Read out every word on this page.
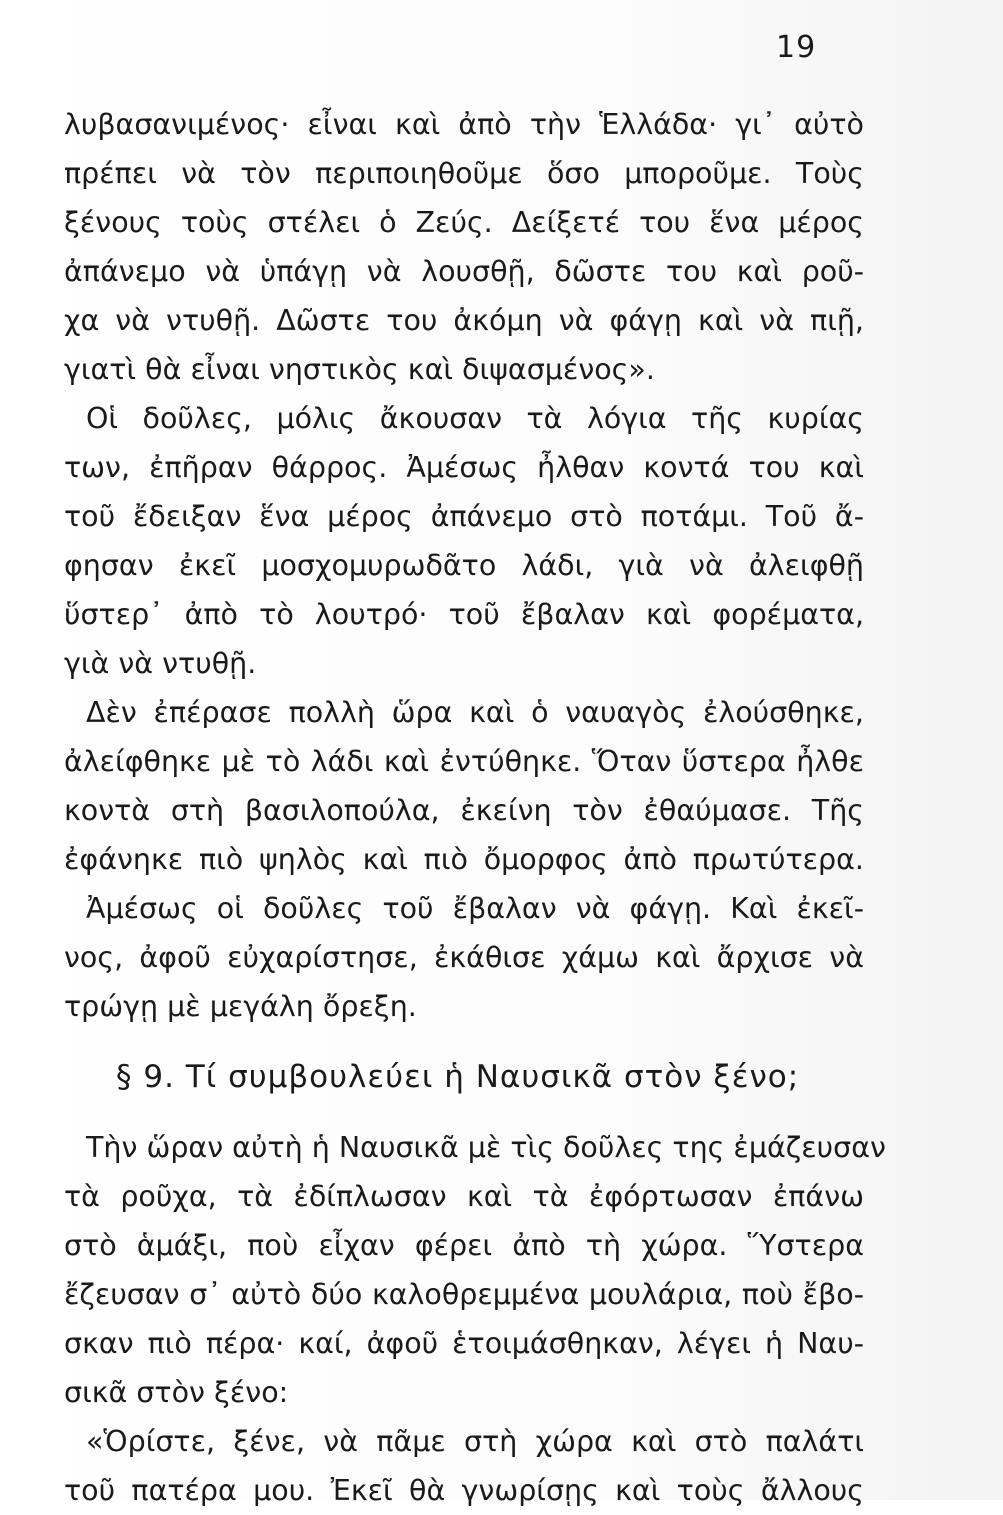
19
λυβασανιμένος· εἶναι καὶ ἀπὸ τὴν Ἑλλάδα· γι᾽ αὐτὸ
πρέπει νὰ τὸν περιποιηθοῦμε ὅσο μποροῦμε. Τοὺς
ξένους τοὺς στέλει ὁ Ζεύς. Δείξετέ του ἕνα μέρος
ἀπάνεμο νὰ ὑπάγῃ νὰ λουσθῇ, δῶστε του καὶ ροῦ-
χα νὰ ντυθῇ. Δῶστε του ἀκόμη νὰ φάγῃ καὶ νὰ πιῇ,
γιατὶ θὰ εἶναι νηστικὸς καὶ διψασμένος».
Οἱ δοῦλες, μόλις ἄκουσαν τὰ λόγια τῆς κυρίας
των, ἐπῆραν θάρρος. Ἀμέσως ἦλθαν κοντά του καὶ
τοῦ ἔδειξαν ἕνα μέρος ἀπάνεμο στὸ ποτάμι. Τοῦ ἄ-
φησαν ἐκεῖ μοσχομυρωδᾶτο λάδι, γιὰ νὰ ἀλειφθῇ
ὕστερ᾽ ἀπὸ τὸ λουτρό· τοῦ ἔβαλαν καὶ φορέματα,
γιὰ νὰ ντυθῇ.
Δὲν ἐπέρασε πολλὴ ὥρα καὶ ὁ ναυαγὸς ἐλούσθηκε,
ἀλείφθηκε μὲ τὸ λάδι καὶ ἐντύθηκε. Ὅταν ὕστερα ἦλθε
κοντὰ στὴ βασιλοπούλα, ἐκείνη τὸν ἐθαύμασε. Τῆς
ἐφάνηκε πιὸ ψηλὸς καὶ πιὸ ὄμορφος ἀπὸ πρωτύτερα.
Ἀμέσως οἱ δοῦλες τοῦ ἔβαλαν νὰ φάγῃ. Καὶ ἐκεῖ-
νος, ἀφοῦ εὐχαρίστησε, ἐκάθισε χάμω καὶ ἄρχισε νὰ
τρώγῃ μὲ μεγάλη ὄρεξη.
§ 9. Τί συμβουλεύει ἡ Ναυσικᾶ στὸν ξένο;
Τὴν ὥραν αὐτὴ ἡ Ναυσικᾶ μὲ τὶς δοῦλες της ἐμάζευσαν
τὰ ροῦχα, τὰ ἐδίπλωσαν καὶ τὰ ἐφόρτωσαν ἐπάνω
στὸ ἁμάξι, ποὺ εἶχαν φέρει ἀπὸ τὴ χώρα. Ὕστερα
ἔζευσαν σ᾽ αὐτὸ δύο καλοθρεμμένα μουλάρια, ποὺ ἔβο-
σκαν πιὸ πέρα· καί, ἀφοῦ ἑτοιμάσθηκαν, λέγει ἡ Ναυ-
σικᾶ στὸν ξένο:
«Ὁρίστε, ξένε, νὰ πᾶμε στὴ χώρα καὶ στὸ παλάτι
τοῦ πατέρα μου. Ἐκεῖ θὰ γνωρίσῃς καὶ τοὺς ἄλλους
